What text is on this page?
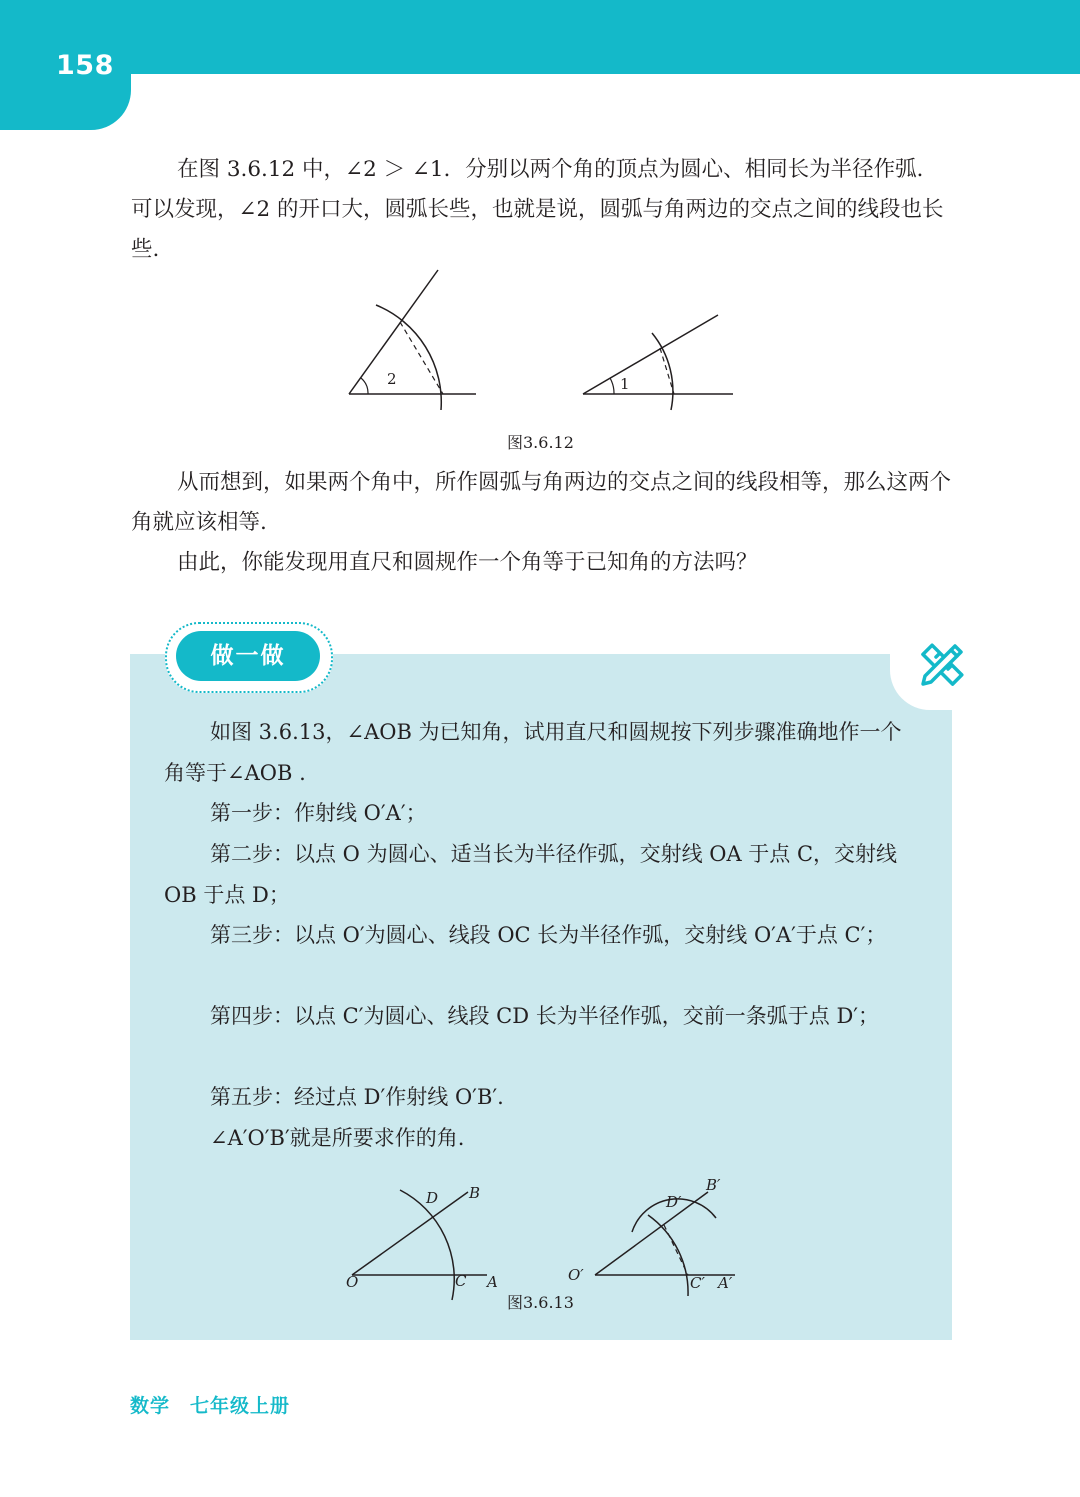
158

在图 3.6.12 中，∠2 ＞ ∠1．分别以两个角的顶点为圆心、相同长为半径作弧．可以发现，∠2 的开口大，圆弧长些，也就是说，圆弧与角两边的交点之间的线段也长些.

2	1
图3.6.12

从而想到，如果两个角中，所作圆弧与角两边的交点之间的线段相等，那么这两个角就应该相等.

由此，你能发现用直尺和圆规作一个角等于已知角的方法吗？

做一做

如图 3.6.13，∠AOB 为已知角，试用直尺和圆规按下列步骤准确地作一个角等于∠AOB .

第一步：作射线 O′A′；

第二步：以点 O 为圆心、适当长为半径作弧，交射线 OA 于点 C，交射线 OB 于点 D；

第三步：以点 O′为圆心、线段 OC 长为半径作弧，交射线 O′A′于点 C′；

第四步：以点 C′为圆心、线段 CD 长为半径作弧，交前一条弧于点 D′；

第五步：经过点 D′作射线 O′B′.

∠A′O′B′就是所要求作的角.

O
D B
C A	O′
D′
B′
C′ A′
图3.6.13
数学 七年级上册
